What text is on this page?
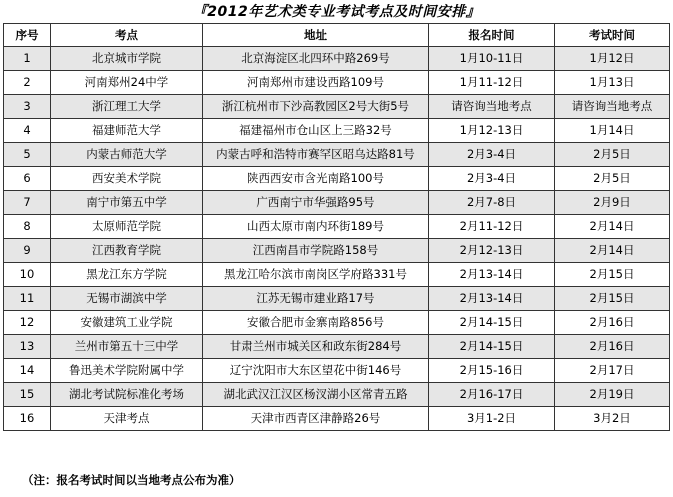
『2012年艺术类专业考试考点及时间安排』
序号	考点	地址	报名时间	考试时间
1	北京城市学院	北京海淀区北四环中路269号	1月10-11日	1月12日
2	河南郑州24中学	河南郑州市建设西路109号	1月11-12日	1月13日
3	浙江理工大学	浙江杭州市下沙高教园区2号大街5号	请咨询当地考点	请咨询当地考点
4	福建师范大学	福建福州市仓山区上三路32号	1月12-13日	1月14日
5	内蒙古师范大学	内蒙古呼和浩特市赛罕区昭乌达路81号	2月3-4日	2月5日
6	西安美术学院	陕西西安市含光南路100号	2月3-4日	2月5日
7	南宁市第五中学	广西南宁市华强路95号	2月7-8日	2月9日
8	太原师范学院	山西太原市南内环街189号	2月11-12日	2月14日
9	江西教育学院	江西南昌市学院路158号	2月12-13日	2月14日
10	黑龙江东方学院	黑龙江哈尔滨市南岗区学府路331号	2月13-14日	2月15日
11	无锡市湖滨中学	江苏无锡市建业路17号	2月13-14日	2月15日
12	安徽建筑工业学院	安徽合肥市金寨南路856号	2月14-15日	2月16日
13	兰州市第五十三中学	甘肃兰州市城关区和政东街284号	2月14-15日	2月16日
14	鲁迅美术学院附属中学	辽宁沈阳市大东区望花中街146号	2月15-16日	2月17日
15	湖北考试院标准化考场	湖北武汉江汉区杨汊湖小区常青五路	2月16-17日	2月19日
16	天津考点	天津市西青区津静路26号	3月1-2日	3月2日
（注：报名考试时间以当地考点公布为准）
